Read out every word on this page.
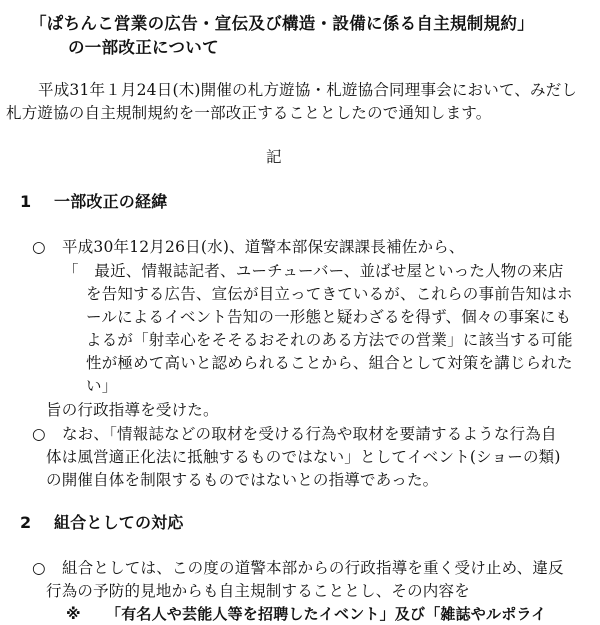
「ぱちんこ営業の広告・宣伝及び構造・設備に係る自主規制規約」
の一部改正について
平成31年１月24日(木)開催の札方遊協・札遊協合同理事会において、みだし
札方遊協の自主規制規約を一部改正することとしたので通知します。
記
1 一部改正の経緯
○ 平成30年12月26日(水)、道警本部保安課課長補佐から、
「　最近、情報誌記者、ユーチューバー、並ばせ屋といった人物の来店
を告知する広告、宣伝が目立ってきているが、これらの事前告知はホ
ールによるイベント告知の一形態と疑わざるを得ず、個々の事案にも
よるが「射幸心をそそるおそれのある方法での営業」に該当する可能
性が極めて高いと認められることから、組合として対策を講じられた
い」
旨の行政指導を受けた。
○ なお、「情報誌などの取材を受ける行為や取材を要請するような行為自
体は風営適正化法に抵触するものではない」としてイベント(ショーの類)
の開催自体を制限するものではないとの指導であった。
2 組合としての対応
○ 組合としては、この度の道警本部からの行政指導を重く受け止め、違反
行為の予防的見地からも自主規制することとし、その内容を
※ 「有名人や芸能人等を招聘したイベント」及び「雑誌やルポライ
